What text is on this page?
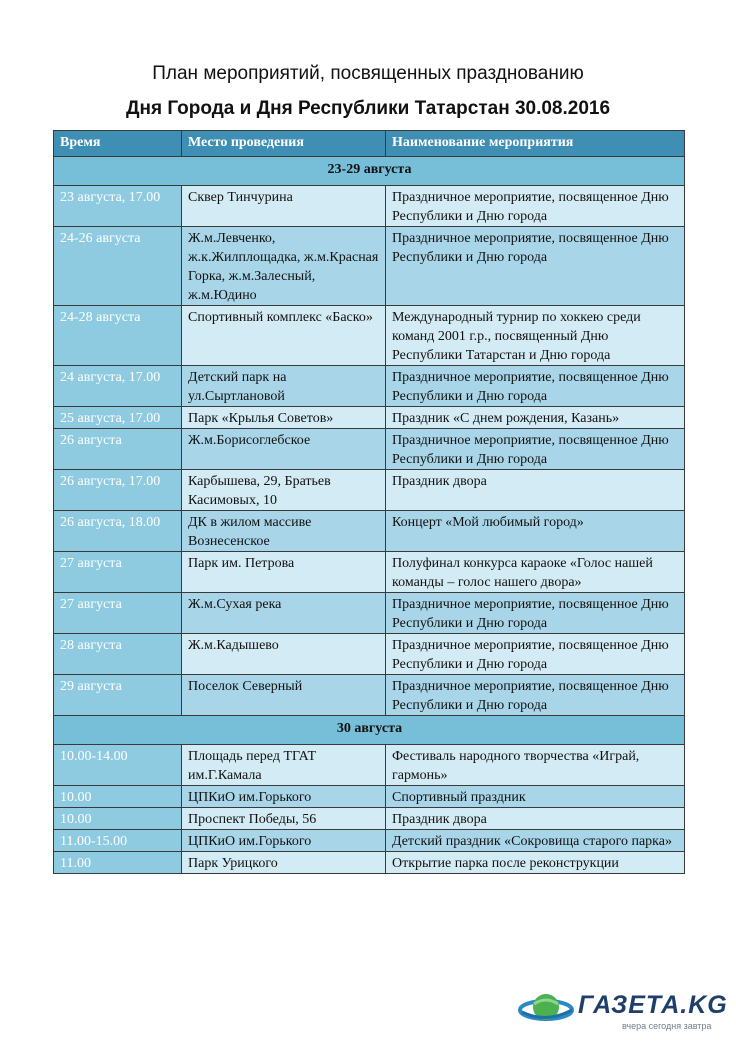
План мероприятий, посвященных празднованию
Дня Города и Дня Республики Татарстан 30.08.2016
Время	Место проведения	Наименование мероприятия
23-29 августа		
23 августа, 17.00	Сквер Тинчурина	Праздничное мероприятие, посвященное Дню Республики и Дню города
24-26 августа	Ж.м.Левченко, ж.к.Жилплощадка, ж.м.Красная Горка, ж.м.Залесный, ж.м.Юдино	Праздничное мероприятие, посвященное Дню Республики и Дню города
24-28 августа	Спортивный комплекс «Баско»	Международный турнир по хоккею среди команд 2001 г.р., посвященный Дню Республики Татарстан и Дню города
24 августа, 17.00	Детский парк на ул.Сыртлановой	Праздничное мероприятие, посвященное Дню Республики и Дню города
25 августа, 17.00	Парк «Крылья Советов»	Праздник «С днем рождения, Казань»
26 августа	Ж.м.Борисоглебское	Праздничное мероприятие, посвященное Дню Республики и Дню города
26 августа, 17.00	Карбышева, 29, Братьев Касимовых, 10	Праздник двора
26 августа, 18.00	ДК в жилом массиве Вознесенское	Концерт «Мой любимый город»
27 августа	Парк им. Петрова	Полуфинал конкурса караоке «Голос нашей команды – голос нашего двора»
27 августа	Ж.м.Сухая река	Праздничное мероприятие, посвященное Дню Республики и Дню города
28 августа	Ж.м.Кадышево	Праздничное мероприятие, посвященное Дню Республики и Дню города
29 августа	Поселок Северный	Праздничное мероприятие, посвященное Дню Республики и Дню города
30 августа		
10.00-14.00	Площадь перед ТГАТ им.Г.Камала	Фестиваль народного творчества «Играй, гармонь»
10.00	ЦПКиО им.Горького	Спортивный праздник
10.00	Проспект Победы, 56	Праздник двора
11.00-15.00	ЦПКиО им.Горького	Детский праздник «Сокровища старого парка»
11.00	Парк Урицкого	Открытие парка после реконструкции
ГАЗЕТА.KG
вчера сегодня завтра
